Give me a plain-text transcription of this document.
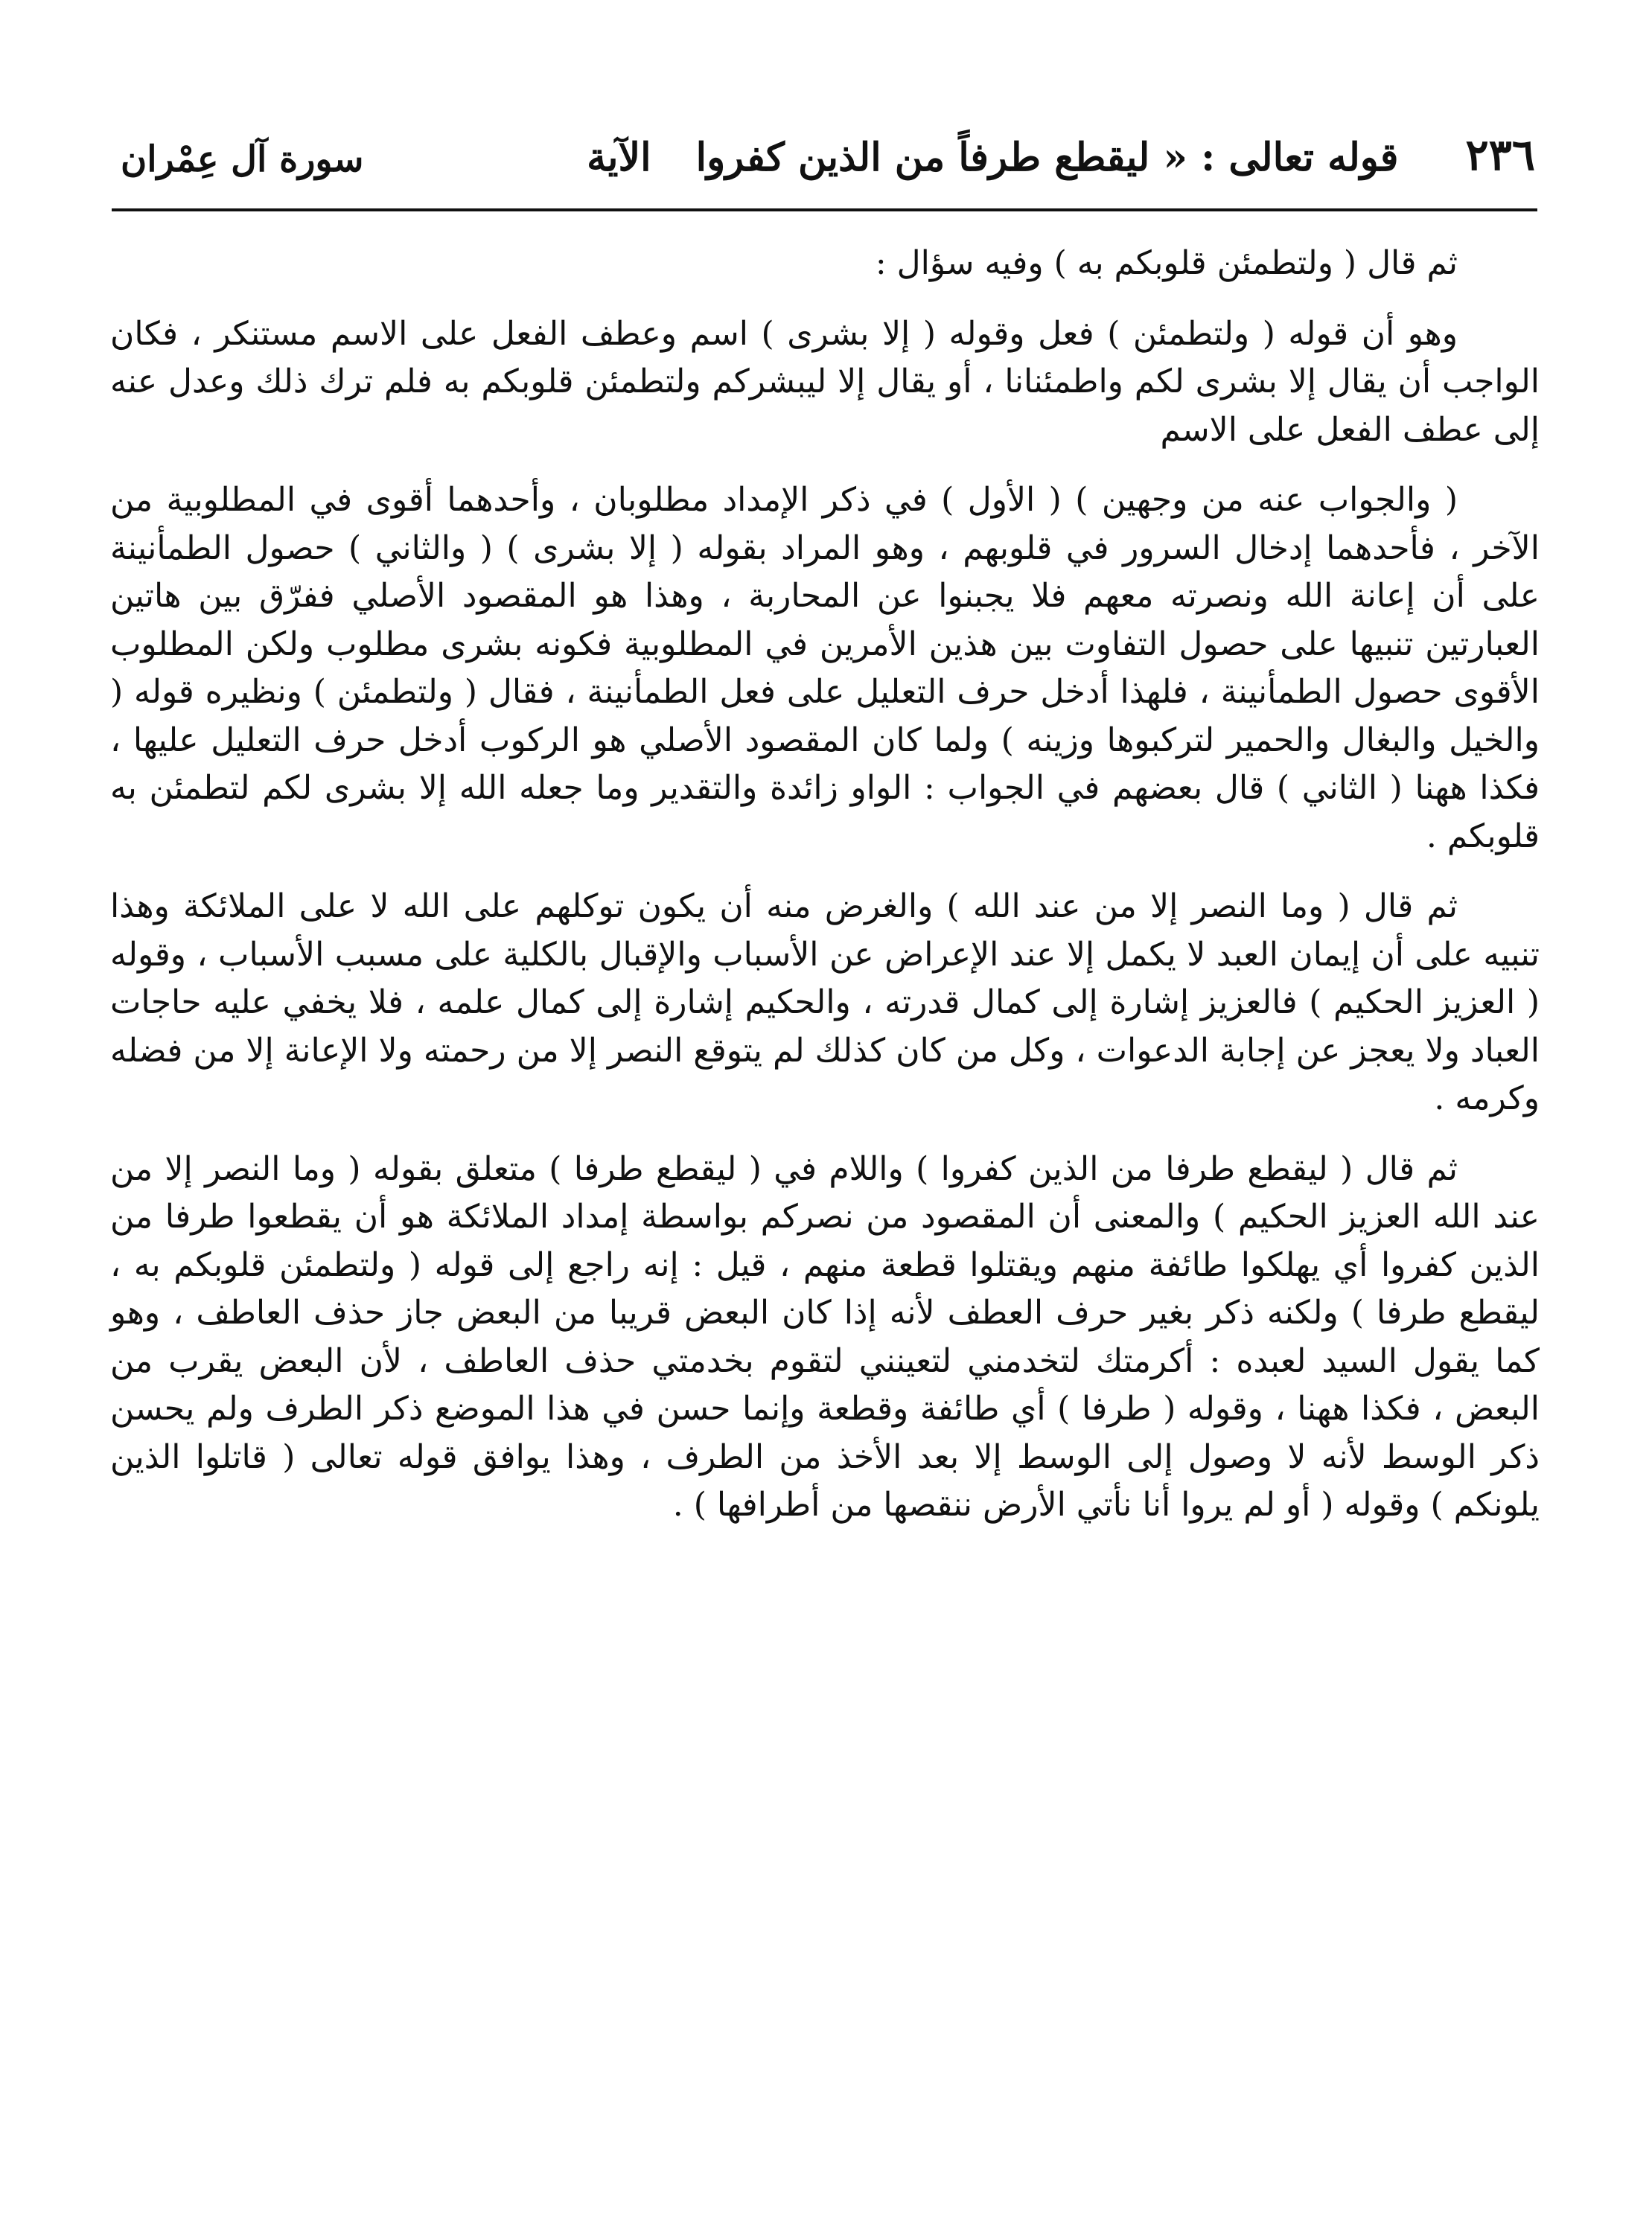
٢٣٦
قوله تعالى : « ليقطع طرفاً من الذين كفروا
الآية
سورة آل عِمْران

ثم قال ( ولتطمئن قلوبكم به ) وفيه سؤال :

وهو أن قوله ( ولتطمئن ) فعل وقوله ( إلا بشرى ) اسم وعطف الفعل على الاسم مستنكر ، فكان الواجب أن يقال إلا بشرى لكم واطمئنانا ، أو يقال إلا ليبشركم ولتطمئن قلوبكم به فلم ترك ذلك وعدل عنه إلى عطف الفعل على الاسم

( والجواب عنه من وجهين ) ( الأول ) في ذكر الإمداد مطلوبان ، وأحدهما أقوى في المطلوبية من الآخر ، فأحدهما إدخال السرور في قلوبهم ، وهو المراد بقوله ( إلا بشرى ) ( والثاني ) حصول الطمأنينة على أن إعانة الله ونصرته معهم فلا يجبنوا عن المحاربة ، وهذا هو المقصود الأصلي ففرّق بين هاتين العبارتين تنبيها على حصول التفاوت بين هذين الأمرين في المطلوبية فكونه بشرى مطلوب ولكن المطلوب الأقوى حصول الطمأنينة ، فلهذا أدخل حرف التعليل على فعل الطمأنينة ، فقال ( ولتطمئن ) ونظيره قوله ( والخيل والبغال والحمير لتركبوها وزينه ) ولما كان المقصود الأصلي هو الركوب أدخل حرف التعليل عليها ، فكذا ههنا ( الثاني ) قال بعضهم في الجواب : الواو زائدة والتقدير وما جعله الله إلا بشرى لكم لتطمئن به قلوبكم .

ثم قال ( وما النصر إلا من عند الله ) والغرض منه أن يكون توكلهم على الله لا على الملائكة وهذا تنبيه على أن إيمان العبد لا يكمل إلا عند الإعراض عن الأسباب والإقبال بالكلية على مسبب الأسباب ، وقوله ( العزيز الحكيم ) فالعزيز إشارة إلى كمال قدرته ، والحكيم إشارة إلى كمال علمه ، فلا يخفي عليه حاجات العباد ولا يعجز عن إجابة الدعوات ، وكل من كان كذلك لم يتوقع النصر إلا من رحمته ولا الإعانة إلا من فضله وكرمه .

ثم قال ( ليقطع طرفا من الذين كفروا ) واللام في ( ليقطع طرفا ) متعلق بقوله ( وما النصر إلا من عند الله العزيز الحكيم ) والمعنى أن المقصود من نصركم بواسطة إمداد الملائكة هو أن يقطعوا طرفا من الذين كفروا أي يهلكوا طائفة منهم ويقتلوا قطعة منهم ، قيل : إنه راجع إلى قوله ( ولتطمئن قلوبكم به ، ليقطع طرفا ) ولكنه ذكر بغير حرف العطف لأنه إذا كان البعض قريبا من البعض جاز حذف العاطف ، وهو كما يقول السيد لعبده : أكرمتك لتخدمني لتعينني لتقوم بخدمتي حذف العاطف ، لأن البعض يقرب من البعض ، فكذا ههنا ، وقوله ( طرفا ) أي طائفة وقطعة وإنما حسن في هذا الموضع ذكر الطرف ولم يحسن ذكر الوسط لأنه لا وصول إلى الوسط إلا بعد الأخذ من الطرف ، وهذا يوافق قوله تعالى ( قاتلوا الذين يلونكم ) وقوله ( أو لم يروا أنا نأتي الأرض ننقصها من أطرافها ) .
